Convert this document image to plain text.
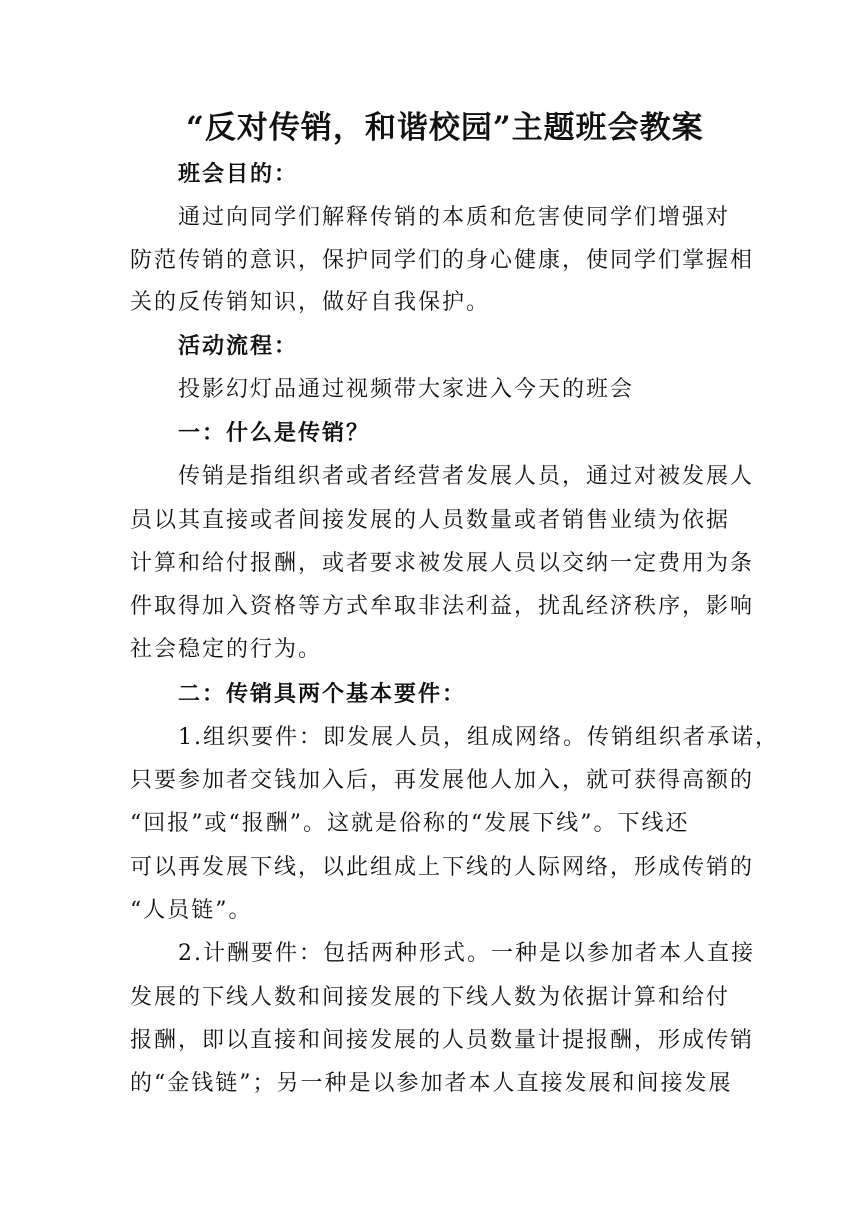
“反对传销，和谐校园”主题班会教案
班会目的：
通过向同学们解释传销的本质和危害使同学们增强对
防范传销的意识，保护同学们的身心健康，使同学们掌握相
关的反传销知识，做好自我保护。
活动流程：
投影幻灯品通过视频带大家进入今天的班会
一：什么是传销？
传销是指组织者或者经营者发展人员，通过对被发展人
员以其直接或者间接发展的人员数量或者销售业绩为依据
计算和给付报酬，或者要求被发展人员以交纳一定费用为条
件取得加入资格等方式牟取非法利益，扰乱经济秩序，影响
社会稳定的行为。
二：传销具两个基本要件：
1.组织要件：即发展人员，组成网络。传销组织者承诺，
只要参加者交钱加入后，再发展他人加入，就可获得高额的
“回报”或“报酬”。这就是俗称的“发展下线”。下线还
可以再发展下线，以此组成上下线的人际网络，形成传销的
“人员链”。
2.计酬要件：包括两种形式。一种是以参加者本人直接
发展的下线人数和间接发展的下线人数为依据计算和给付
报酬，即以直接和间接发展的人员数量计提报酬，形成传销
的“金钱链”；另一种是以参加者本人直接发展和间接发展
